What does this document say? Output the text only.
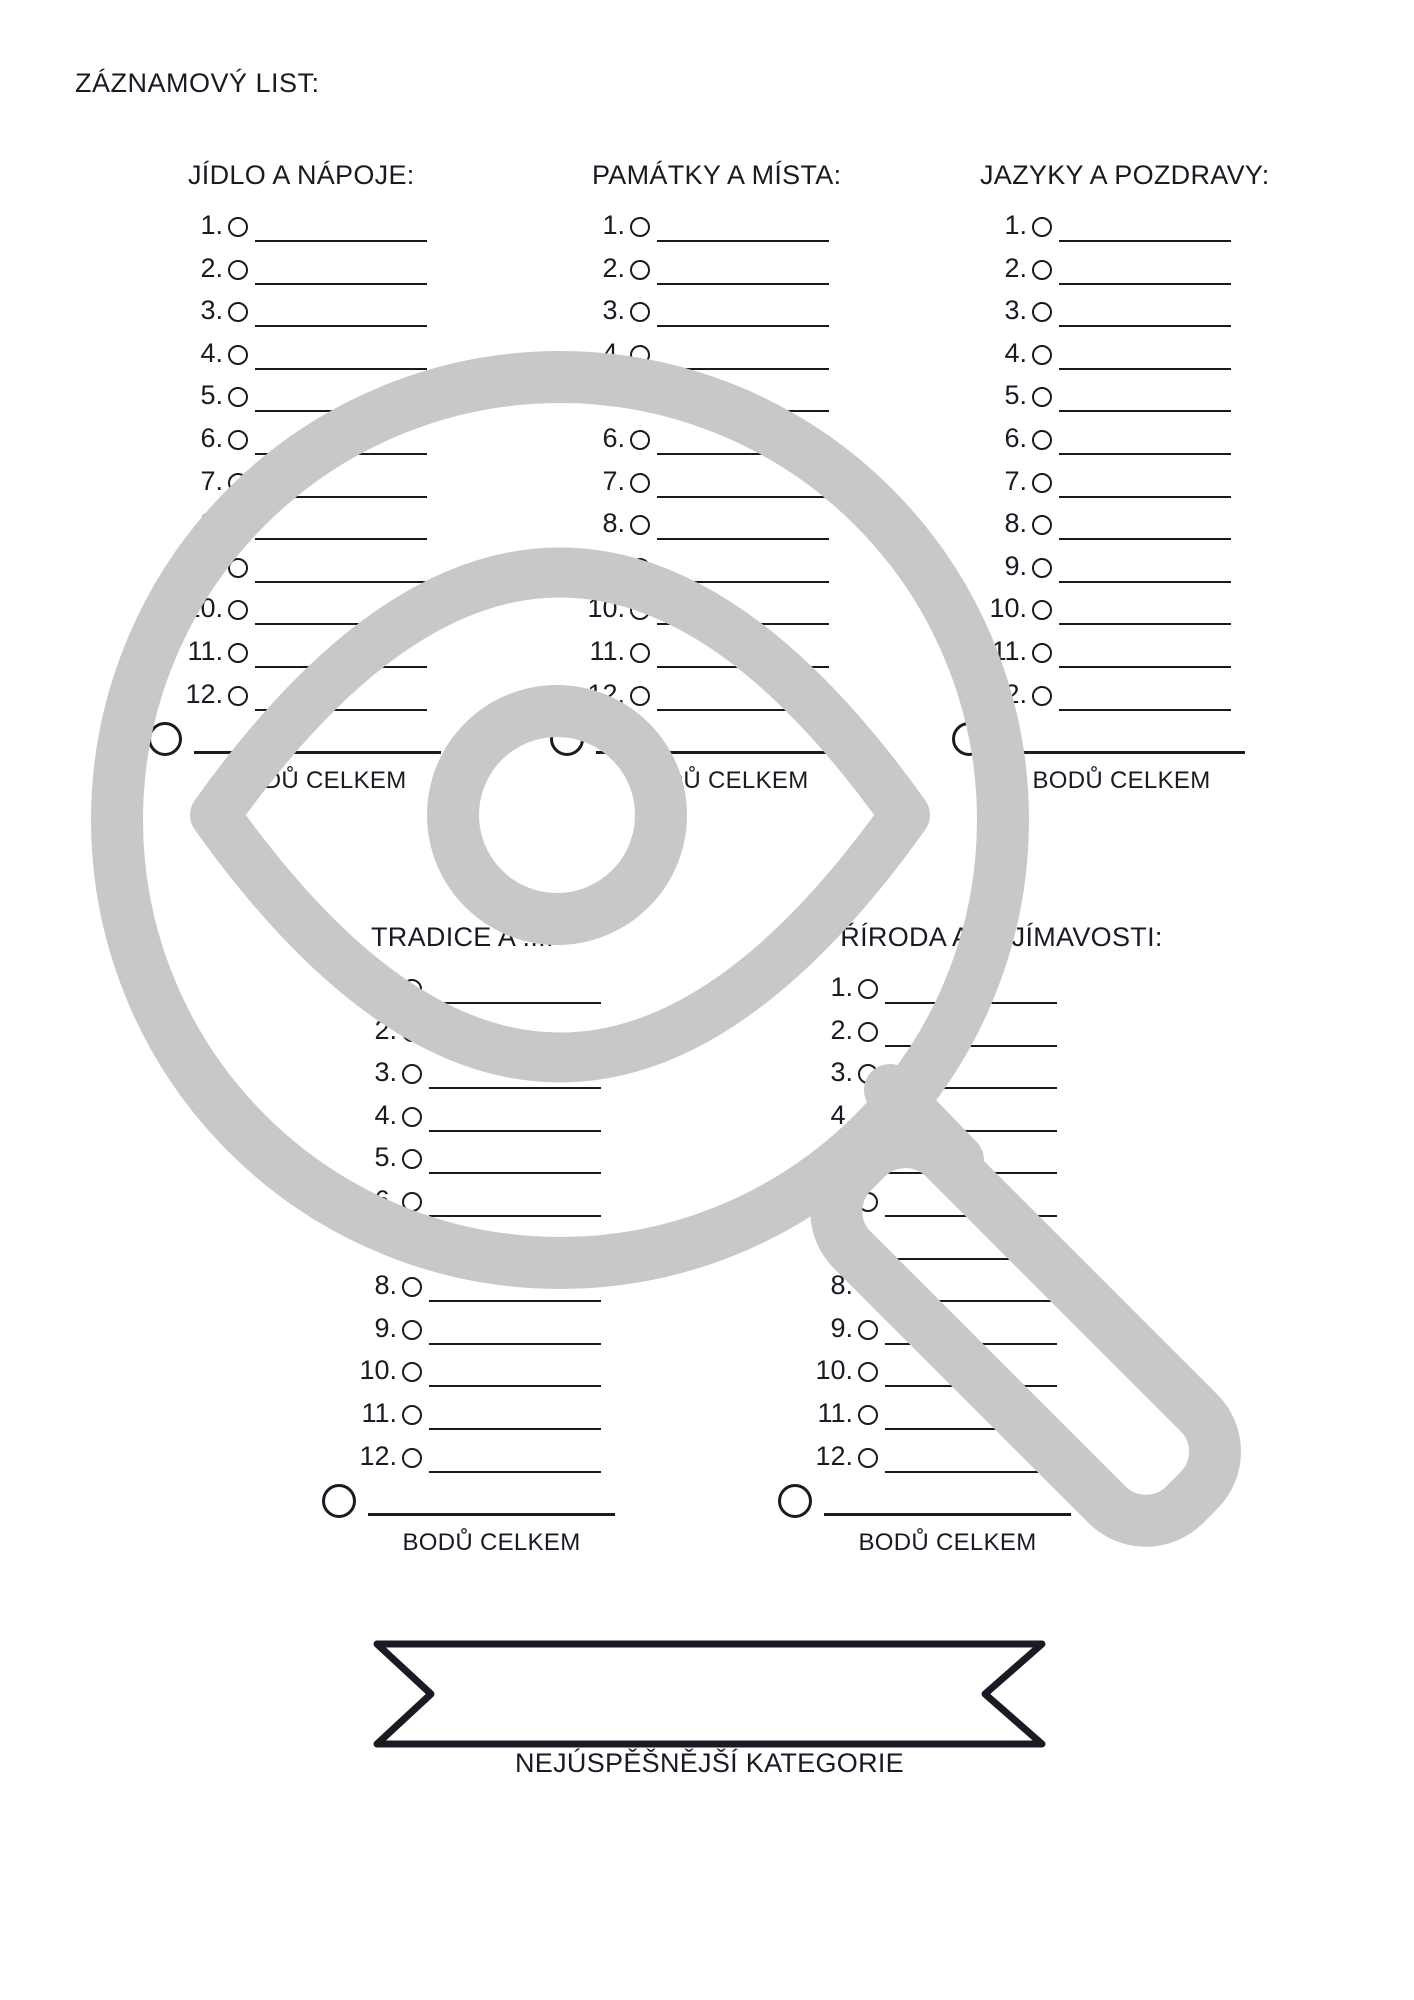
ZÁZNAMOVÝ LIST:
JÍDLO A NÁPOJE:
1.
2.
3.
4.
5.
6.
7.
8.
9.
10.
11.
12.
BODŮ CELKEM
PAMÁTKY A MÍSTA:
1.
2.
3.
4.
5.
6.
7.
8.
9.
10.
11.
12.
BODŮ CELKEM
JAZYKY A POZDRAVY:
1.
2.
3.
4.
5.
6.
7.
8.
9.
10.
11.
12.
BODŮ CELKEM
TRADICE A ...:
1.
2.
3.
4.
5.
6.
7.
8.
9.
10.
11.
12.
BODŮ CELKEM
PŘÍRODA A ZAJÍMAVOSTI:
1.
2.
3.
4.
5.
6.
7.
8.
9.
10.
11.
12.
BODŮ CELKEM
NEJÚSPĚŠNĚJŠÍ KATEGORIE
